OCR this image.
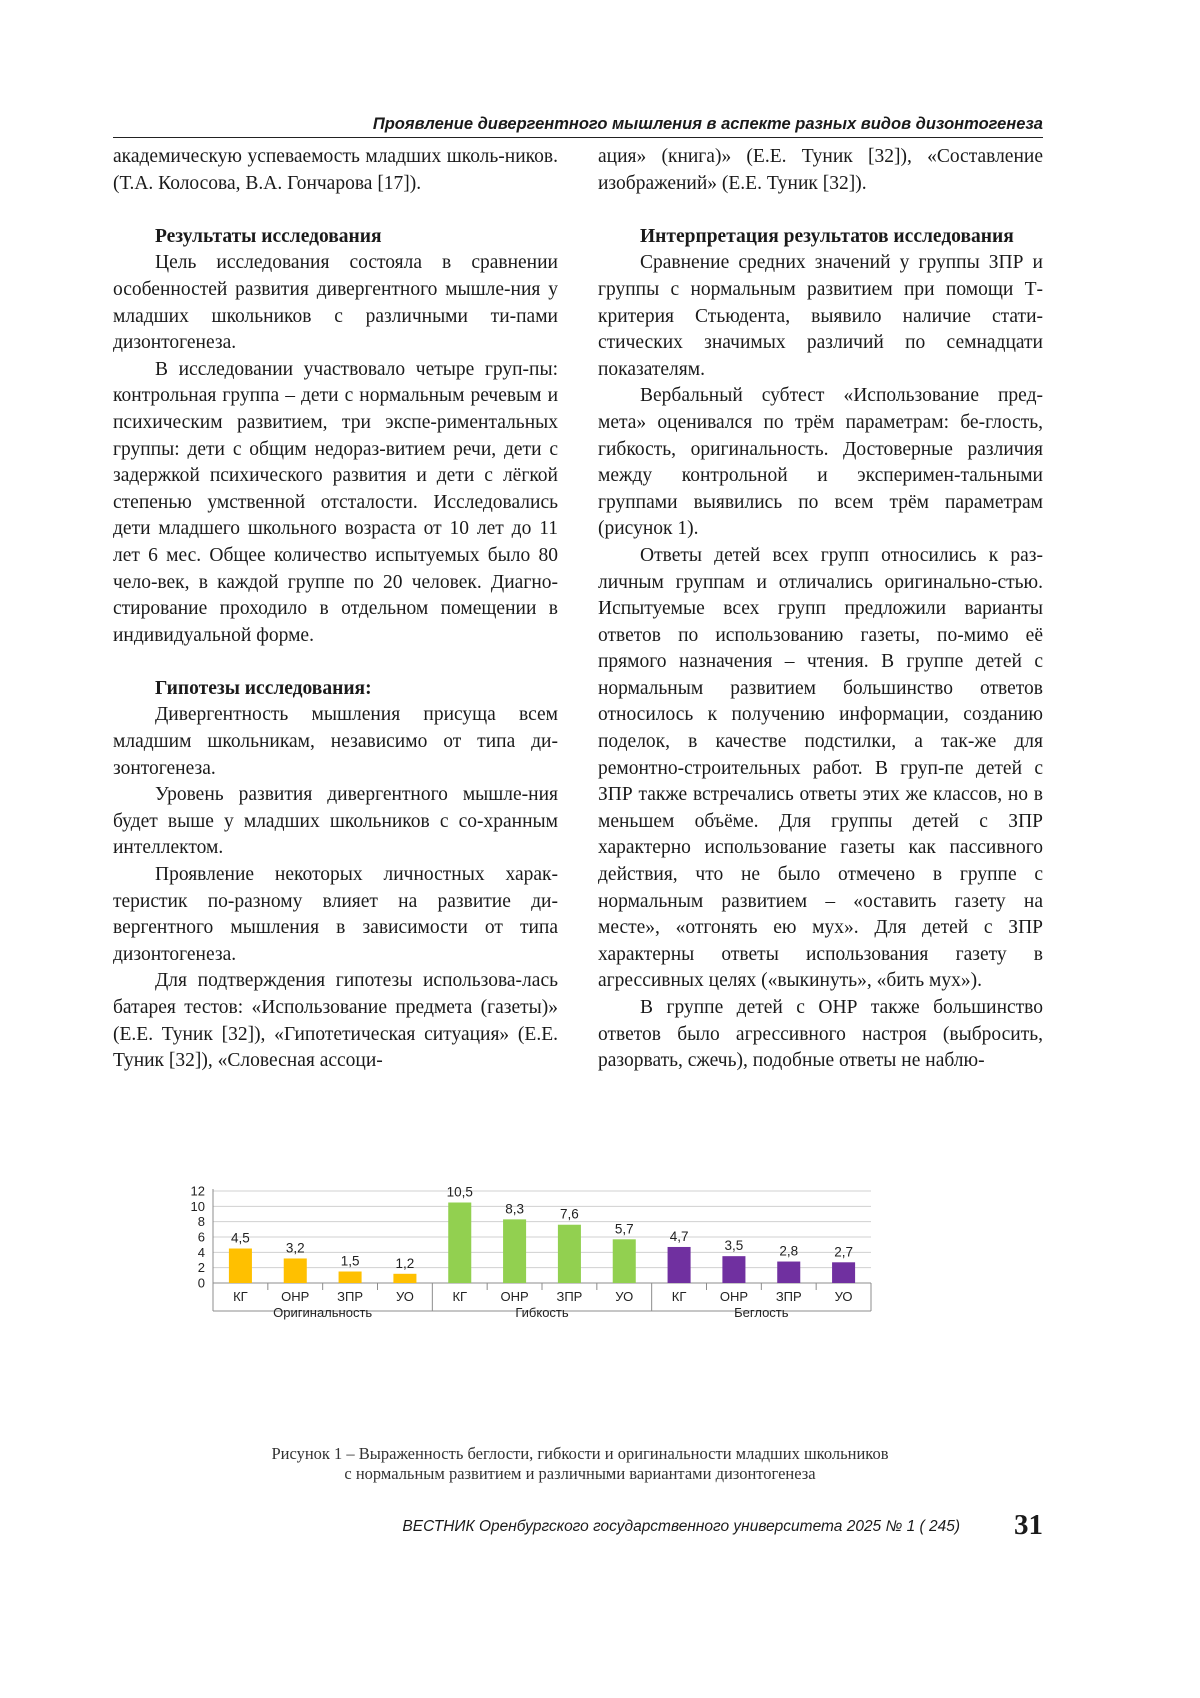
Проявление дивергентного мышления в аспекте разных видов дизонтогенеза

академическую успеваемость младших школь-ников. (Т.А. Колосова, В.А. Гончарова [17]).

Результаты исследования

Цель исследования состояла в сравнении особенностей развития дивергентного мышле-ния у младших школьников с различными ти-пами дизонтогенеза.

В исследовании участвовало четыре груп-пы: контрольная группа – дети с нормальным речевым и психическим развитием, три экспе-риментальных группы: дети с общим недораз-витием речи, дети с задержкой психического развития и дети с лёгкой степенью умственной отсталости. Исследовались дети младшего школьного возраста от 10 лет до 11 лет 6 мес. Общее количество испытуемых было 80 чело-век, в каждой группе по 20 человек. Диагно-стирование проходило в отдельном помещении в индивидуальной форме.

Гипотезы исследования:

Дивергентность мышления присуща всем младшим школьникам, независимо от типа ди-зонтогенеза.

Уровень развития дивергентного мышле-ния будет выше у младших школьников с со-хранным интеллектом.

Проявление некоторых личностных харак-теристик по-разному влияет на развитие ди-вергентного мышления в зависимости от типа дизонтогенеза.

Для подтверждения гипотезы использова-лась батарея тестов: «Использование предмета (газеты)» (Е.Е. Туник [32]), «Гипотетическая ситуация» (Е.Е. Туник [32]), «Словесная ассоци-

ация» (книга)» (Е.Е. Туник [32]), «Составление изображений» (Е.Е. Туник [32]).

Интерпретация результатов исследования

Сравнение средних значений у группы ЗПР и группы с нормальным развитием при помощи Т-критерия Стьюдента, выявило наличие стати-стических значимых различий по семнадцати показателям.

Вербальный субтест «Использование пред-мета» оценивался по трём параметрам: бе-глость, гибкость, оригинальность. Достоверные различия между контрольной и эксперимен-тальными группами выявились по всем трём параметрам (рисунок 1).

Ответы детей всех групп относились к раз-личным группам и отличались оригинально-стью. Испытуемые всех групп предложили варианты ответов по использованию газеты, по-мимо её прямого назначения – чтения. В группе детей с нормальным развитием большинство ответов относилось к получению информации, созданию поделок, в качестве подстилки, а так-же для ремонтно-строительных работ. В груп-пе детей с ЗПР также встречались ответы этих же классов, но в меньшем объёме. Для группы детей с ЗПР характерно использование газеты как пассивного действия, что не было отмечено в группе с нормальным развитием – «оставить газету на месте», «отгонять ею мух». Для детей с ЗПР характерны ответы использования газету в агрессивных целях («выкинуть», «бить мух»).

В группе детей с ОНР также большинство ответов было агрессивного настроя (выбросить, разорвать, сжечь), подобные ответы не наблю-

0
2
4
6
8
10
12
4,5
КГ
3,2
ОНР
1,5
ЗПР
1,2
УО
Оригинальность
10,5
КГ
8,3
ОНР
7,6
ЗПР
5,7
УО
Гибкость
4,7
КГ
3,5
ОНР
2,8
ЗПР
2,7
УО
Беглость
Рисунок 1 – Выраженность беглости, гибкости и оригинальности младших школьников
с нормальным развитием и различными вариантами дизонтогенеза
ВЕСТНИК Оренбургского государственного университета 2025 № 1 ( 245)	31
